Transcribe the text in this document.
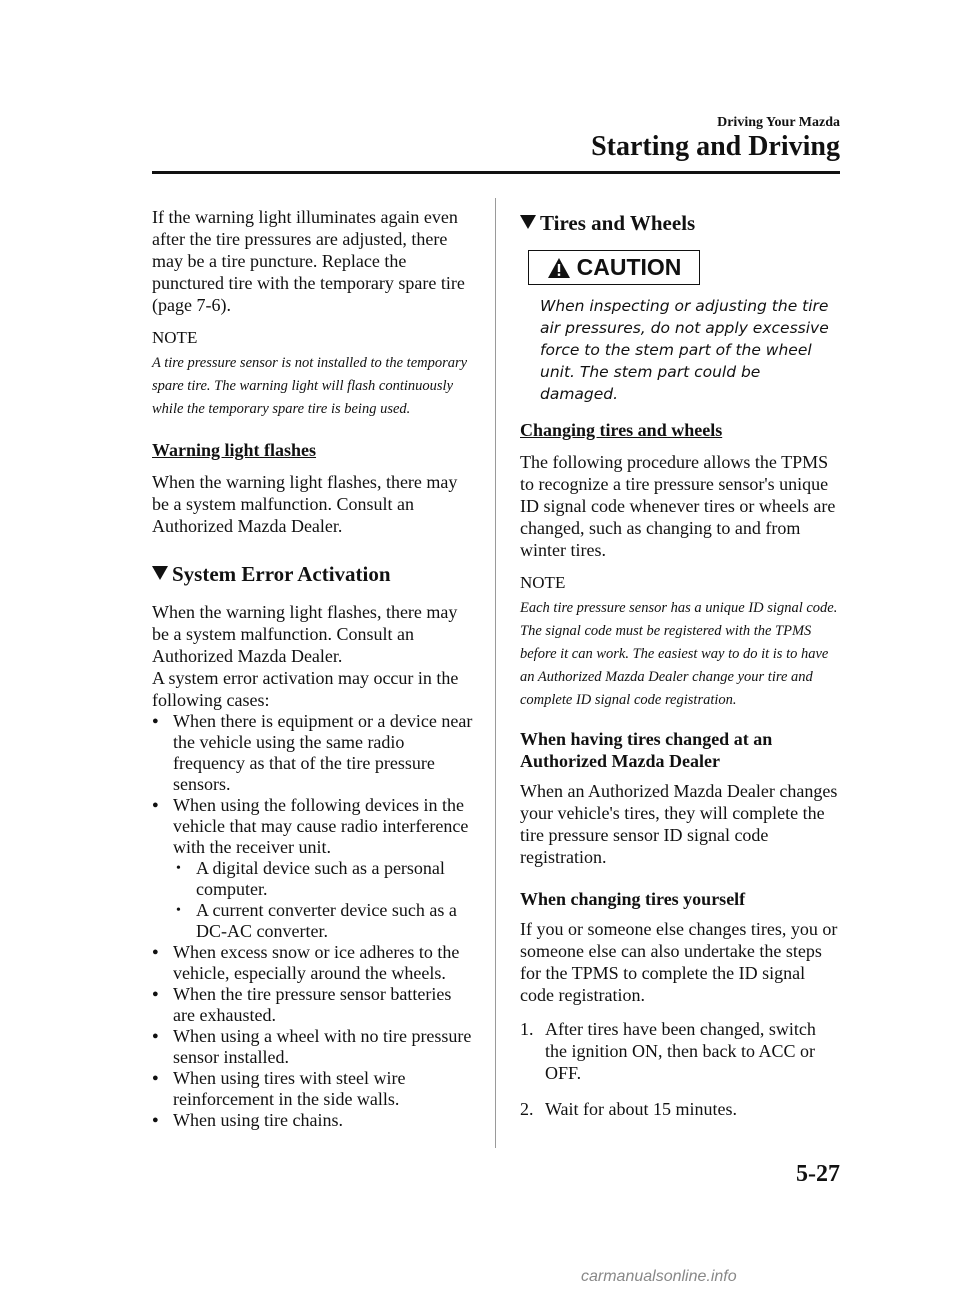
Driving Your Mazda
Starting and Driving

If the warning light illuminates again even after the tire pressures are adjusted, there may be a tire puncture. Replace the punctured tire with the temporary spare tire (page 7-6).

NOTE

A tire pressure sensor is not installed to the temporary spare tire. The warning light will flash continuously while the temporary spare tire is being used.

Warning light flashes

When the warning light flashes, there may be a system malfunction. Consult an Authorized Mazda Dealer.

System Error Activation

When the warning light flashes, there may be a system malfunction. Consult an Authorized Mazda Dealer.

A system error activation may occur in the following cases:

● When there is equipment or a device near the vehicle using the same radio frequency as that of the tire pressure sensors.
● When using the following devices in the vehicle that may cause radio interference with the receiver unit.
• A digital device such as a personal computer.
• A current converter device such as a DC-AC converter.
● When excess snow or ice adheres to the vehicle, especially around the wheels.
● When the tire pressure sensor batteries are exhausted.
● When using a wheel with no tire pressure sensor installed.
● When using tires with steel wire reinforcement in the side walls.
● When using tire chains.
Tires and Wheels
CAUTION

When inspecting or adjusting the tire air pressures, do not apply excessive force to the stem part of the wheel unit. The stem part could be damaged.

Changing tires and wheels

The following procedure allows the TPMS to recognize a tire pressure sensor's unique ID signal code whenever tires or wheels are changed, such as changing to and from winter tires.

NOTE

Each tire pressure sensor has a unique ID signal code. The signal code must be registered with the TPMS before it can work. The easiest way to do it is to have an Authorized Mazda Dealer change your tire and complete ID signal code registration.

When having tires changed at an Authorized Mazda Dealer

When an Authorized Mazda Dealer changes your vehicle's tires, they will complete the tire pressure sensor ID signal code registration.

When changing tires yourself

If you or someone else changes tires, you or someone else can also undertake the steps for the TPMS to complete the ID signal code registration.

1. After tires have been changed, switch the ignition ON, then back to ACC or OFF.
2. Wait for about 15 minutes.
5-27
carmanualsonline.info
